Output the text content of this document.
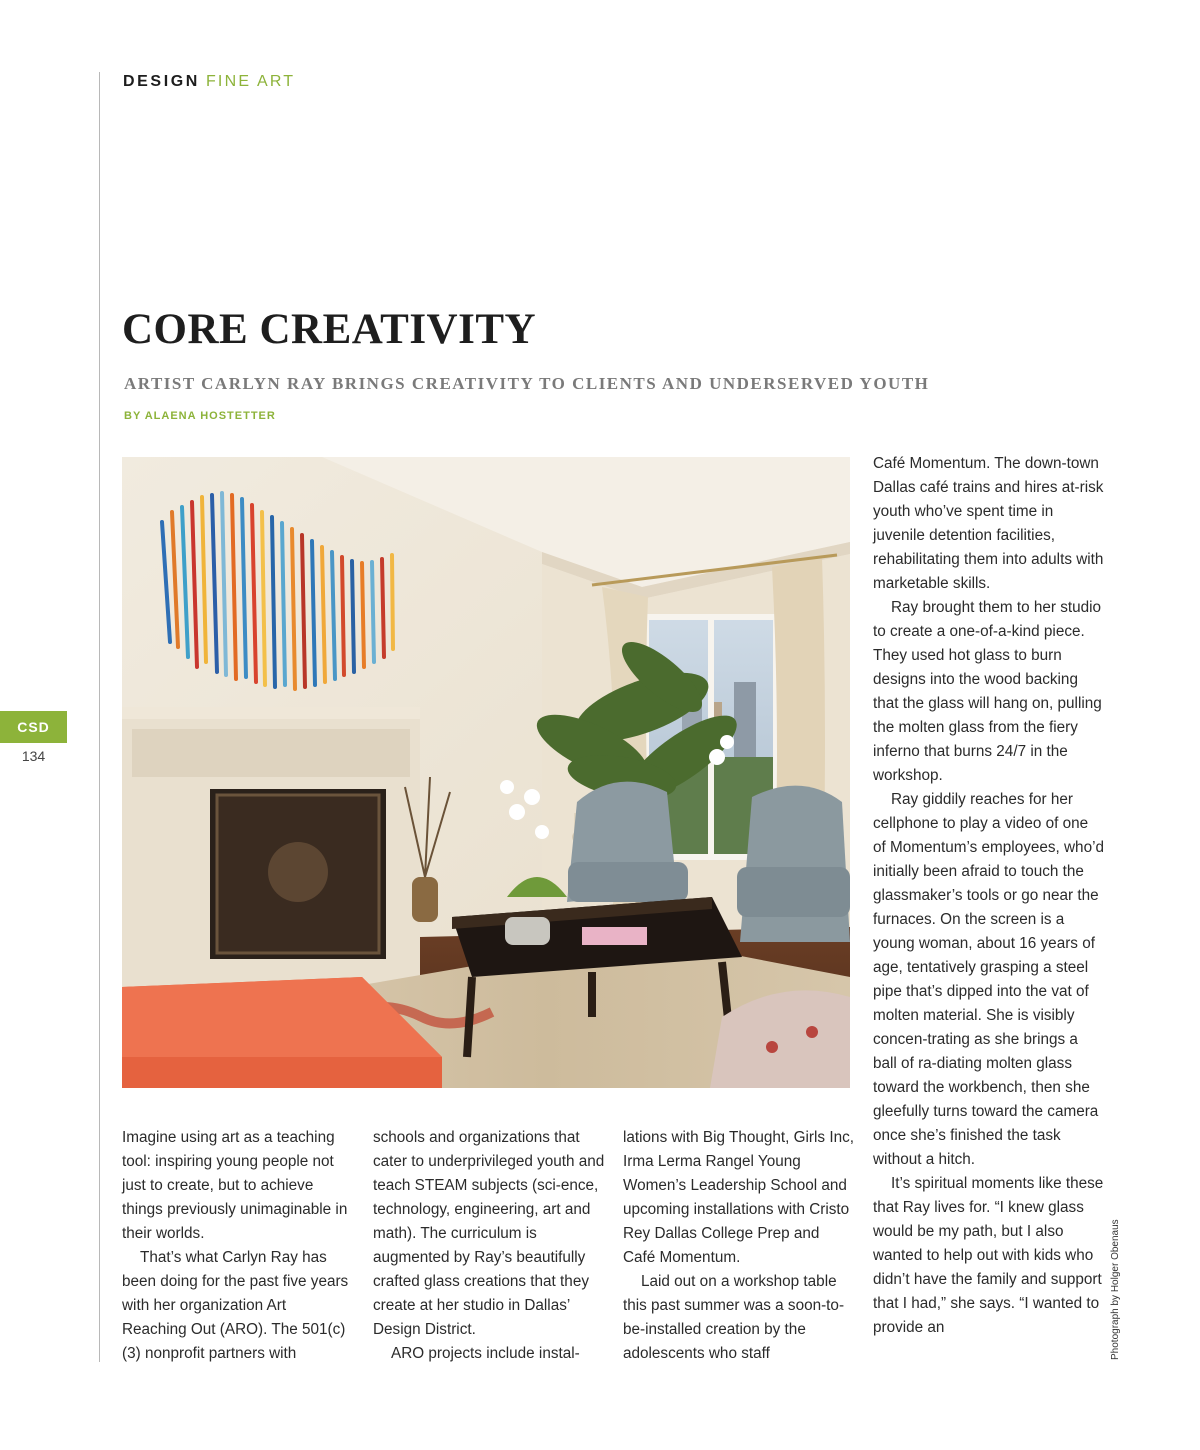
DESIGN FINE ART
CORE CREATIVITY
ARTIST CARLYN RAY BRINGS CREATIVITY TO CLIENTS AND UNDERSERVED YOUTH
BY ALAENA HOSTETTER
CSD
134

Imagine using art as a teaching tool: inspiring young people not just to create, but to achieve things previously unimaginable in their worlds.

That’s what Carlyn Ray has been doing for the past five years with her organization Art Reaching Out (ARO). The 501(c)(3) nonprofit partners with

schools and organizations that cater to underprivileged youth and teach STEAM subjects (sci-ence, technology, engineering, art and math). The curriculum is augmented by Ray’s beautifully crafted glass creations that they create at her studio in Dallas’ Design District.

ARO projects include instal-

lations with Big Thought, Girls Inc, Irma Lerma Rangel Young Women’s Leadership School and upcoming installations with Cristo Rey Dallas College Prep and Café Momentum.

Laid out on a workshop table this past summer was a soon-to-be-installed creation by the adolescents who staff

Café Momentum. The down-town Dallas café trains and hires at-risk youth who’ve spent time in juvenile detention facilities, rehabilitating them into adults with marketable skills.

Ray brought them to her studio to create a one-of-a-kind piece. They used hot glass to burn designs into the wood backing that the glass will hang on, pulling the molten glass from the fiery inferno that burns 24/7 in the workshop.

Ray giddily reaches for her cellphone to play a video of one of Momentum’s employees, who’d initially been afraid to touch the glassmaker’s tools or go near the furnaces. On the screen is a young woman, about 16 years of age, tentatively grasping a steel pipe that’s dipped into the vat of molten material. She is visibly concen-trating as she brings a ball of ra-diating molten glass toward the workbench, then she gleefully turns toward the camera once she’s finished the task without a hitch.

It’s spiritual moments like these that Ray lives for. “I knew glass would be my path, but I also wanted to help out with kids who didn’t have the family and support that I had,” she says. “I wanted to provide an	Photograph by Holger Obenaus
